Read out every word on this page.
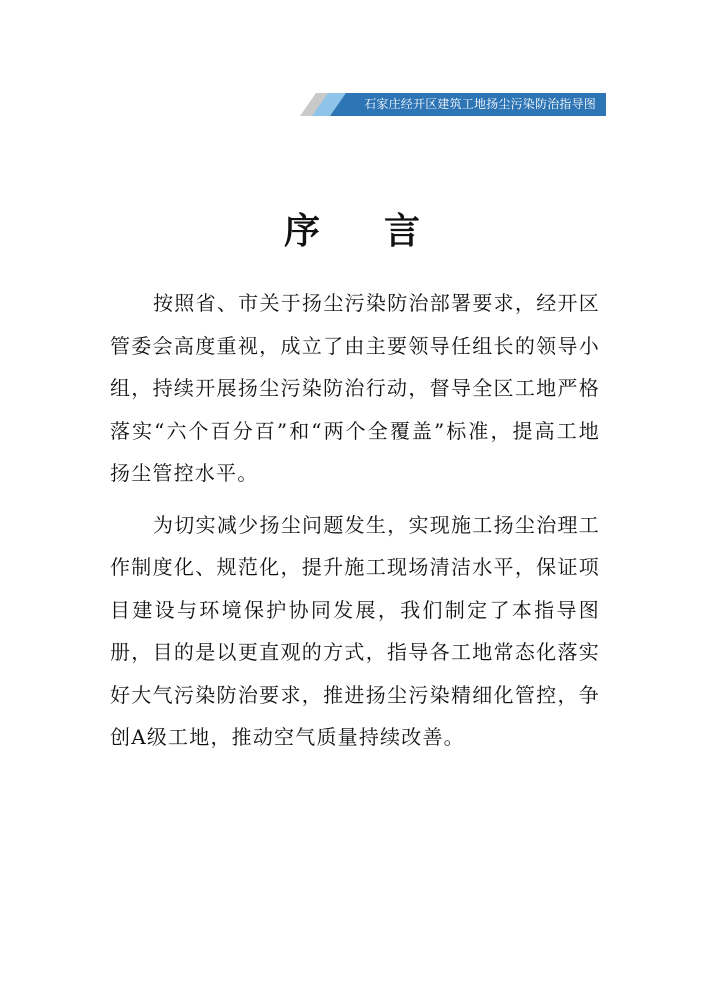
石家庄经开区建筑工地扬尘污染防治指导图
序 言

按照省、市关于扬尘污染防治部署要求，经开区管委会高度重视，成立了由主要领导任组长的领导小组，持续开展扬尘污染防治行动，督导全区工地严格落实“六个百分百”和“两个全覆盖”标准，提高工地扬尘管控水平。

为切实减少扬尘问题发生，实现施工扬尘治理工作制度化、规范化，提升施工现场清洁水平，保证项目建设与环境保护协同发展，我们制定了本指导图册，目的是以更直观的方式，指导各工地常态化落实好大气污染防治要求，推进扬尘污染精细化管控，争创A级工地，推动空气质量持续改善。
